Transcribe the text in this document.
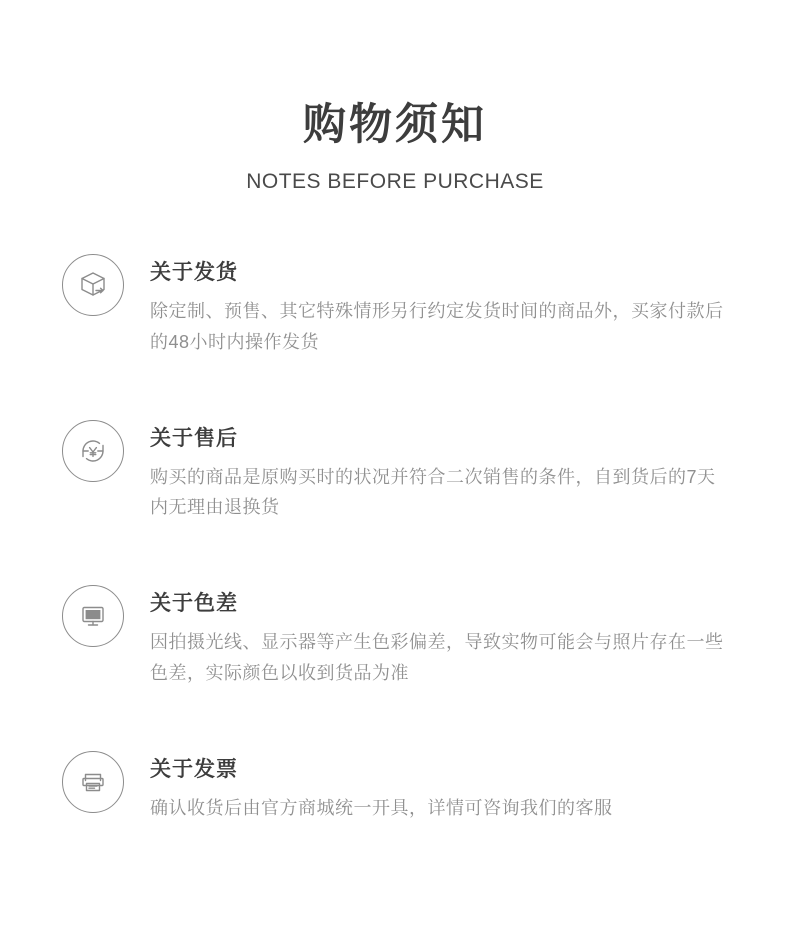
购物须知
NOTES BEFORE PURCHASE
关于发货
除定制、预售、其它特殊情形另行约定发货时间的商品外，买家付款后的48小时内操作发货
关于售后
购买的商品是原购买时的状况并符合二次销售的条件，自到货后的7天内无理由退换货
关于色差
因拍摄光线、显示器等产生色彩偏差，导致实物可能会与照片存在一些色差，实际颜色以收到货品为准
关于发票
确认收货后由官方商城统一开具，详情可咨询我们的客服
